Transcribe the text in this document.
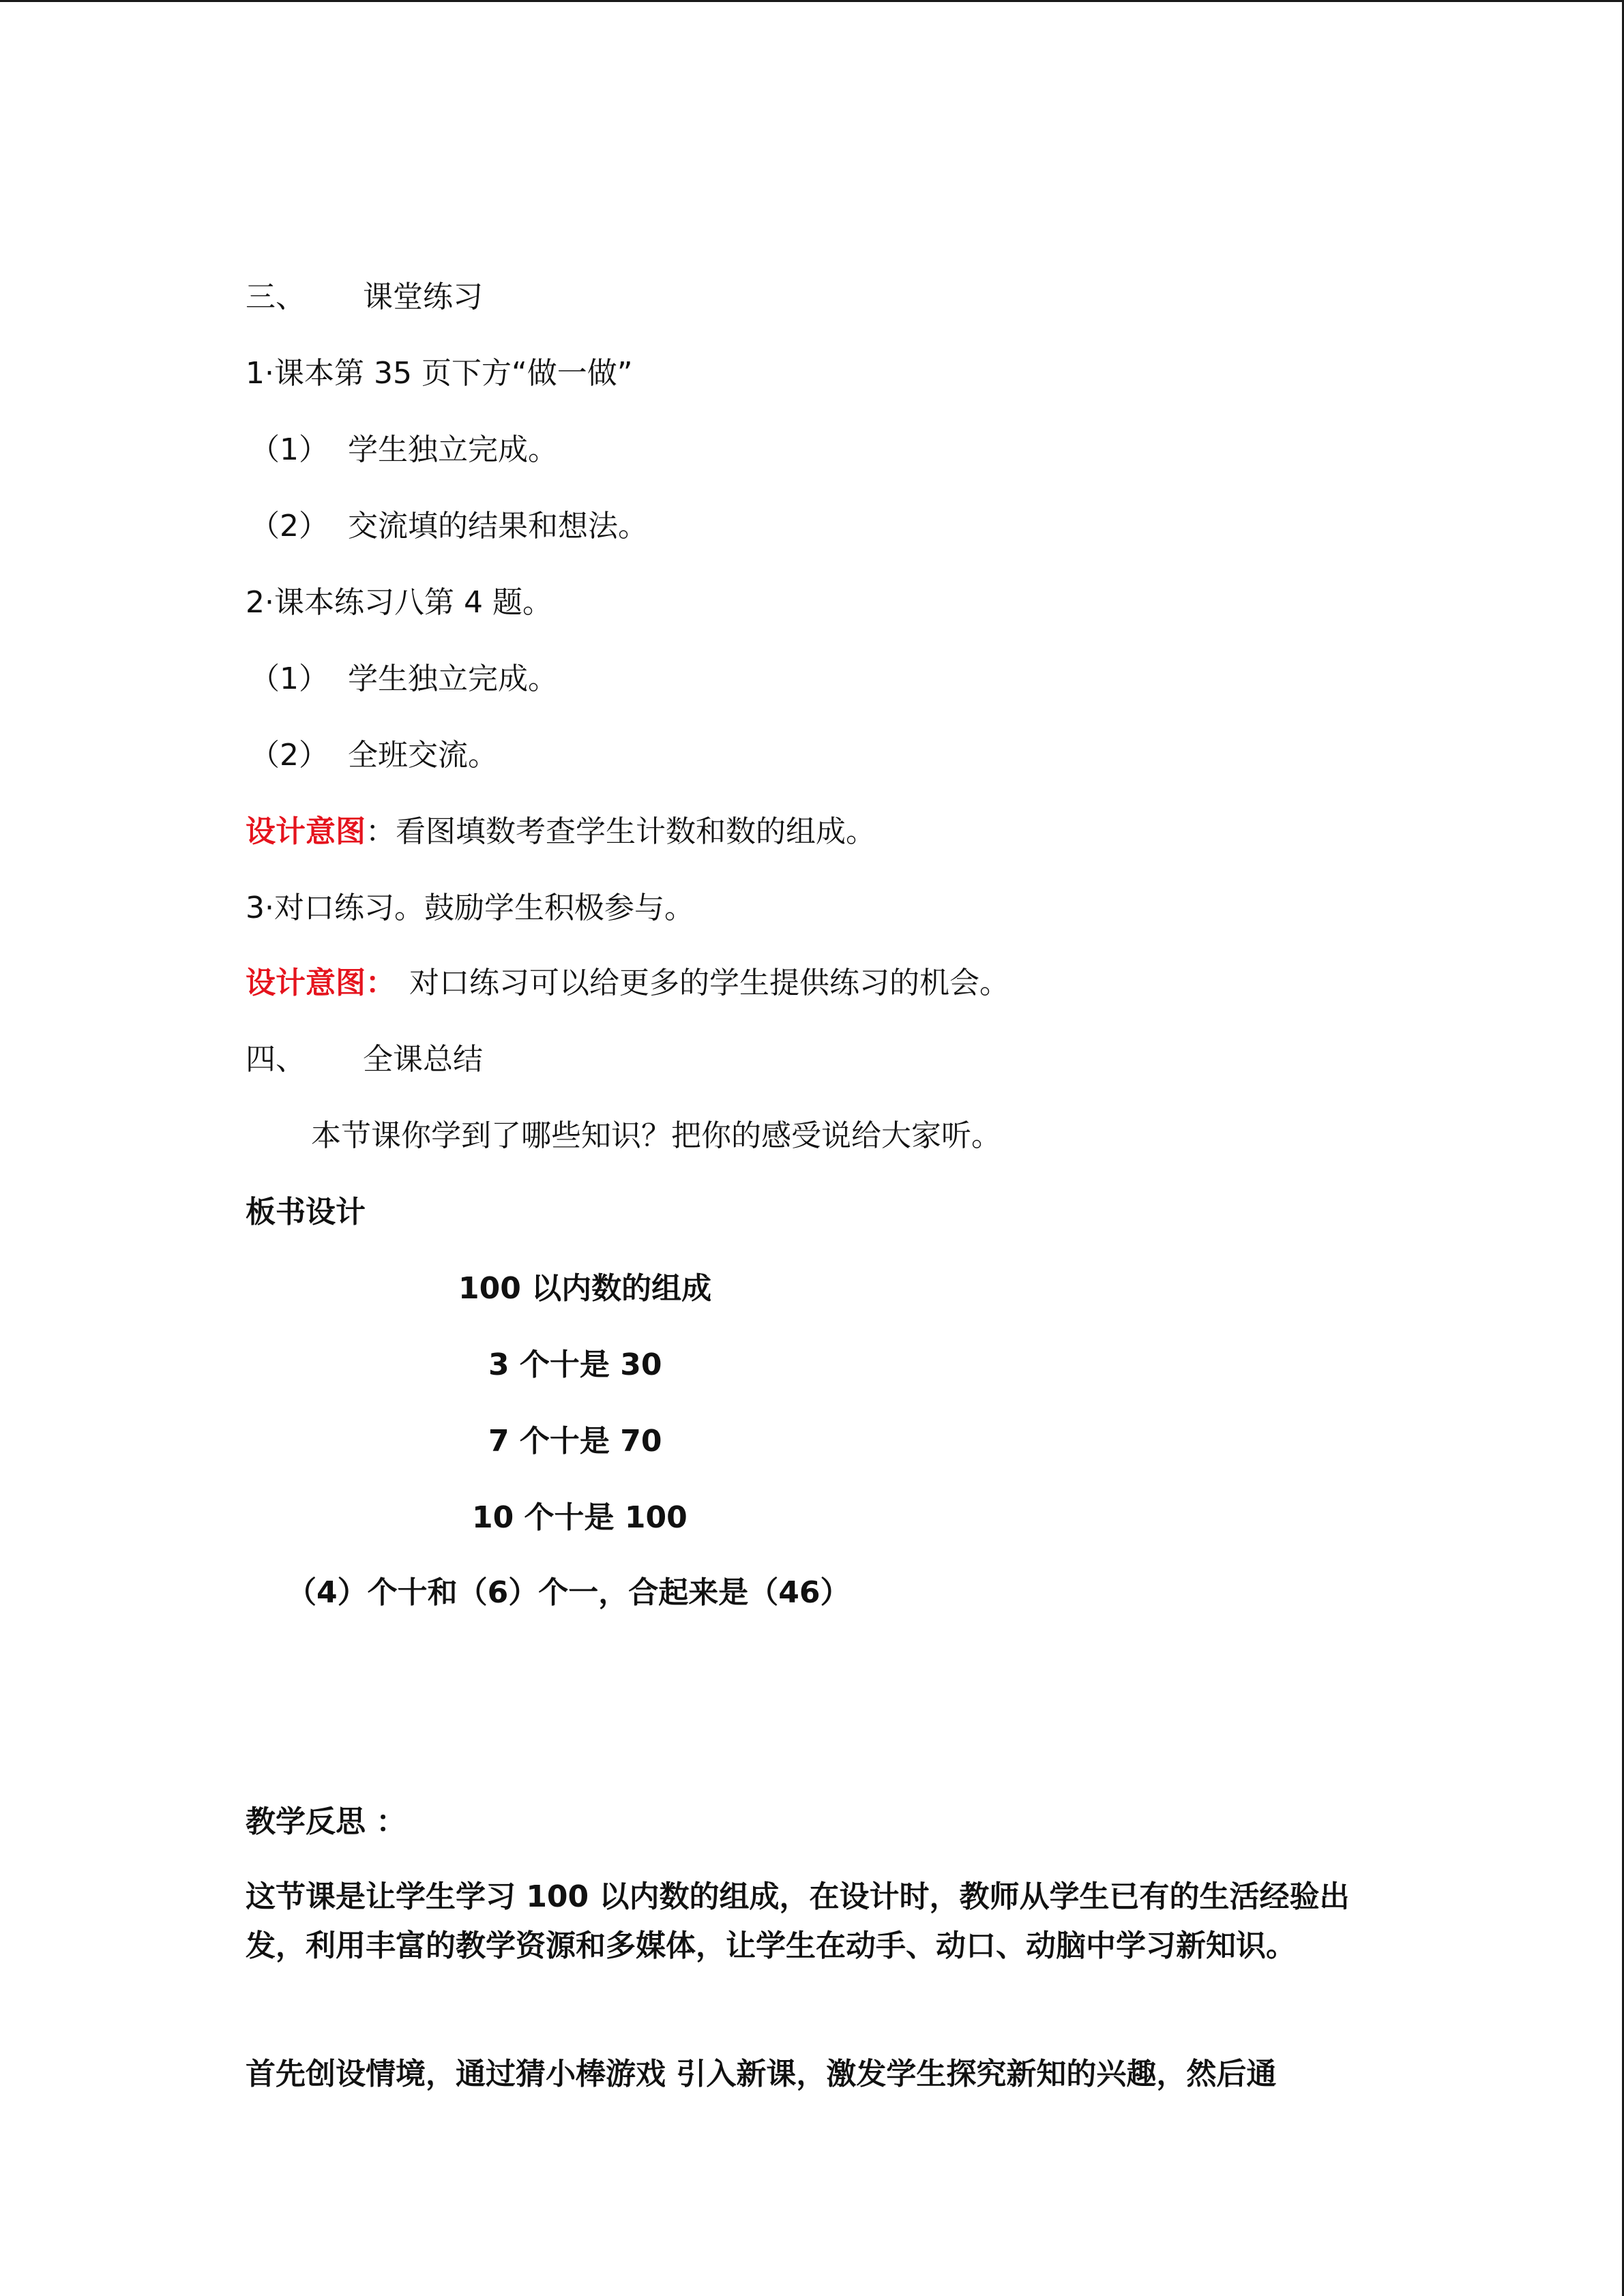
三、 课堂练习
1·课本第 35 页下方“做一做”
（1） 学生独立完成。
（2） 交流填的结果和想法。
2·课本练习八第 4 题。
（1） 学生独立完成。
（2） 全班交流。
设计意图：看图填数考查学生计数和数的组成。
3·对口练习。鼓励学生积极参与。
设计意图： 对口练习可以给更多的学生提供练习的机会。
四、 全课总结
本节课你学到了哪些知识？把你的感受说给大家听。
板书设计
100 以内数的组成
3 个十是 30
7 个十是 70
10 个十是 100
（4）个十和（6）个一，合起来是（46）
教学反思 ：
这节课是让学生学习 100 以内数的组成，在设计时，教师从学生已有的生活经验出发，利用丰富的教学资源和多媒体，让学生在动手、动口、动脑中学习新知识。
首先创设情境，通过猜小棒游戏 引入新课，激发学生探究新知的兴趣，然后通
